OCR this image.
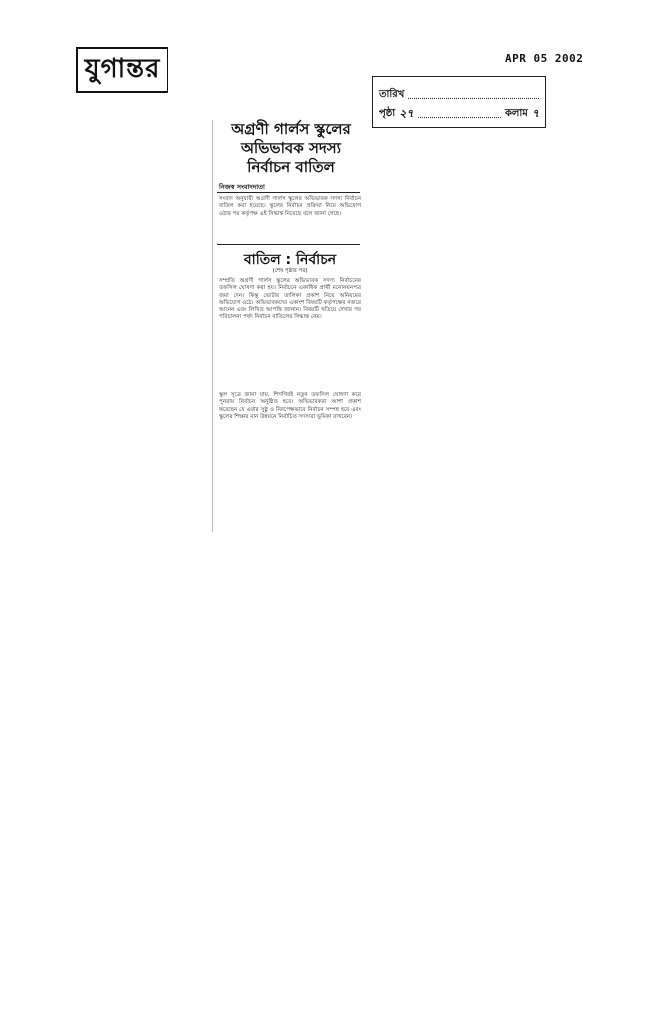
যুগান্তর	APR 05 2002
তারিখ
পৃষ্ঠা ২৭	কলাম ৭
অগ্রণী গার্লস স্কুলের অভিভাবক সদস্য নির্বাচন বাতিল
নিজস্ব সংবাদদাতা
সংবাদ অনুযায়ী অগ্রণী গার্লস স্কুলের অভিভাবক সদস্য নির্বাচন বাতিল করা হয়েছে। স্কুলের নির্বাচন প্রক্রিয়া নিয়ে অভিযোগ ওঠার পর কর্তৃপক্ষ এই সিদ্ধান্ত নিয়েছে বলে জানা গেছে।
বাতিল : নির্বাচন
(শেষ পৃষ্ঠার পর)
সম্প্রতি অগ্রণী গার্লস স্কুলের অভিভাবক সদস্য নির্বাচনের তফসিল ঘোষণা করা হয়। নির্বাচনে একাধিক প্রার্থী মনোনয়নপত্র জমা দেন। কিন্তু ভোটার তালিকা প্রকাশ নিয়ে অনিয়মের অভিযোগ ওঠে। অভিভাবকদের একাংশ বিষয়টি কর্তৃপক্ষের নজরে আনেন এবং লিখিত আপত্তি জানান। বিষয়টি খতিয়ে দেখার পর পরিচালনা পর্ষদ নির্বাচন বাতিলের সিদ্ধান্ত নেয়।
স্কুল সূত্রে জানা যায়, শিগগিরই নতুন তফসিল ঘোষণা করে পুনরায় নির্বাচন অনুষ্ঠিত হবে। অভিভাবকরা আশা প্রকাশ করেছেন যে এবার সুষ্ঠু ও নিরপেক্ষভাবে নির্বাচন সম্পন্ন হবে এবং স্কুলের শিক্ষার মান উন্নয়নে নির্বাচিত সদস্যরা ভূমিকা রাখবেন।
